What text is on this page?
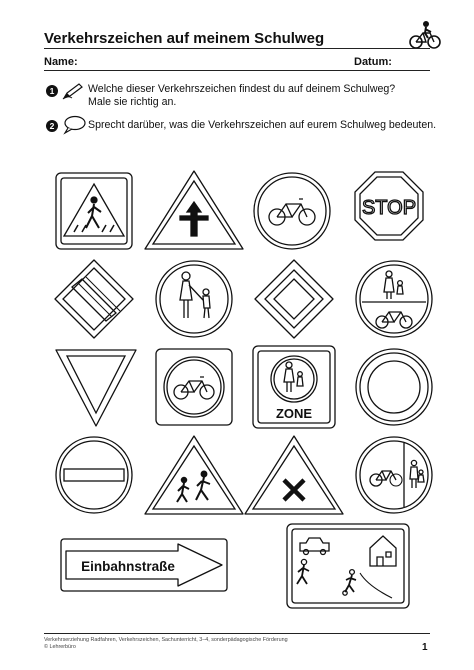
Verkehrszeichen auf meinem Schulweg
Name:	Datum:
1	Welche dieser Verkehrszeichen findest du auf deinem Schulweg?
Male sie richtig an.
2	Sprecht darüber, was die Verkehrszeichen auf eurem Schulweg bedeuten.
STOP
ZONE
Einbahnstraße
Verkehrserziehung Radfahren, Verkehrszeichen, Sachunterricht, 3–4, sonderpädagogische Förderung
© Lehrerbüro	1
